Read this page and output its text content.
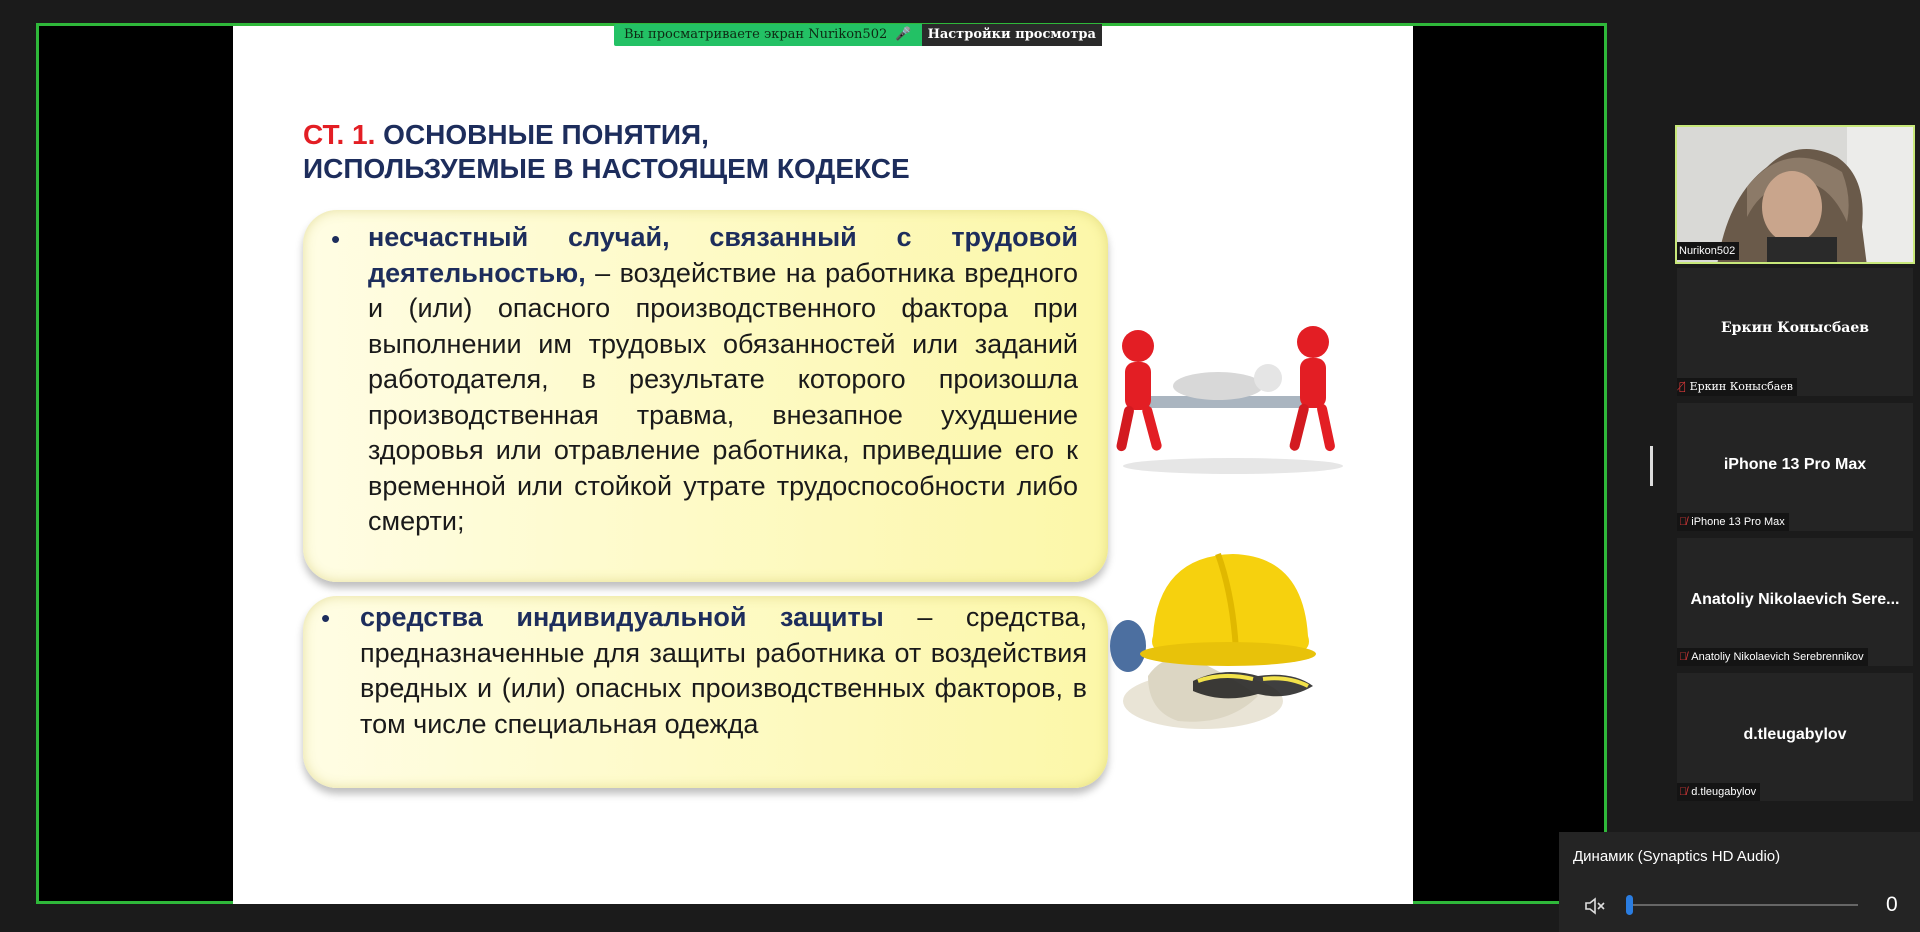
СТ. 1. ОСНОВНЫЕ ПОНЯТИЯ,
ИСПОЛЬЗУЕМЫЕ В НАСТОЯЩЕМ КОДЕКСЕ
• несчастный случай, связанный с трудовой деятельностью, – воздействие на работника вредного и (или) опасного производственного фактора при выполнении им трудовых обязанностей или заданий работодателя, в результате которого произошла производственная травма, внезапное ухудшение здоровья или отравление работника, приведшие его к временной или стойкой утрате трудоспособности либо смерти;
• средства индивидуальной защиты – средства, предназначенные для защиты работника от воздействия вредных и (или) опасных производственных факторов, в том числе специальная одежда
Вы просматриваете экран Nurikon502 🎤	Настройки просмотра
Nurikon502
Еркин Конысбаев
🎙̸ Еркин Конысбаев
iPhone 13 Pro Max
🎙̸ iPhone 13 Pro Max
Anatoliy Nikolaevich Sere...
🎙̸ Anatoliy Nikolaevich Serebrennikov
d.tleugabylov
🎙̸ d.tleugabylov
Динамик (Synaptics HD Audio)
0
